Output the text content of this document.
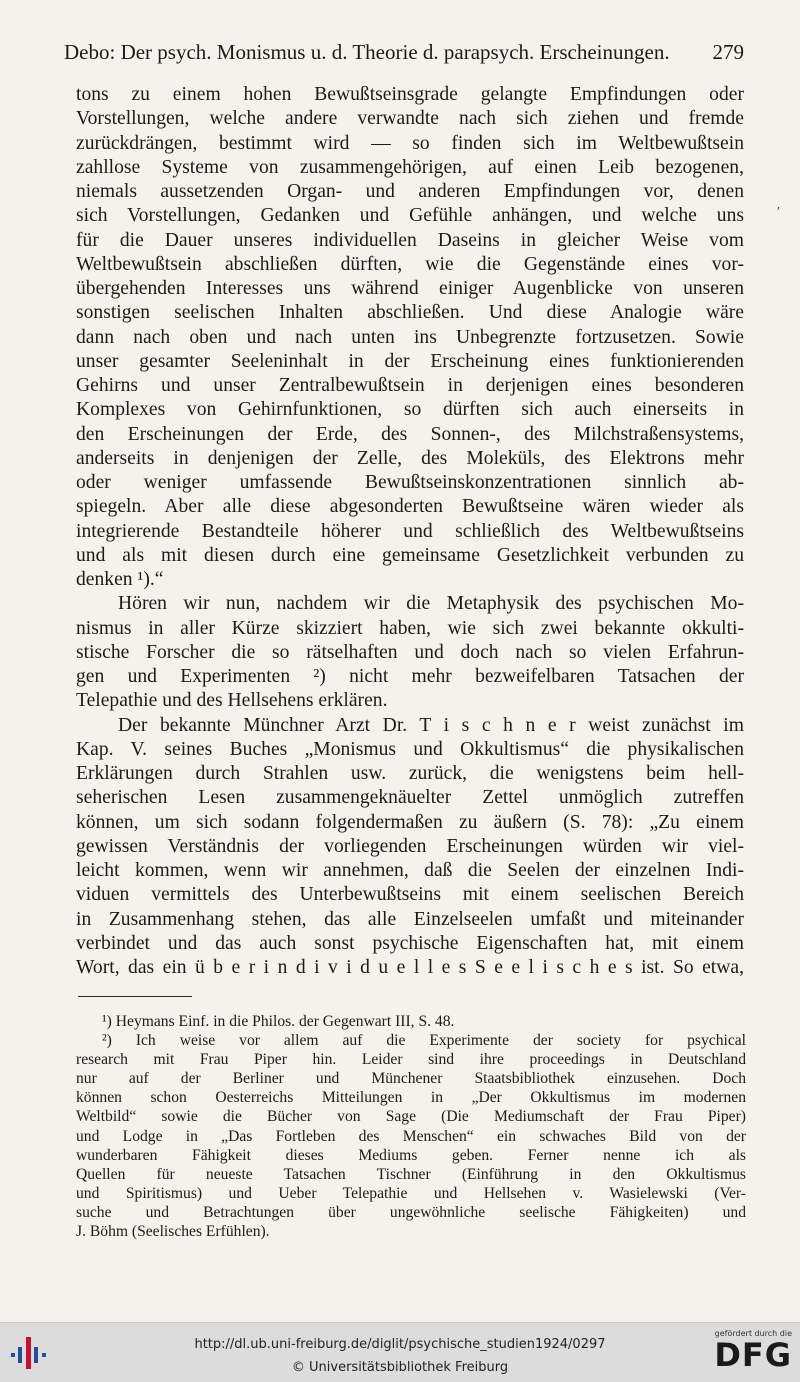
Debo: Der psych. Monismus u. d. Theorie d. parapsych. Erscheinungen. 279
tons zu einem hohen Bewußtseinsgrade gelangte Empfindungen oder
Vorstellungen, welche andere verwandte nach sich ziehen und fremde
zurückdrängen, bestimmt wird — so finden sich im Weltbewußtsein
zahllose Systeme von zusammengehörigen, auf einen Leib bezogenen,
niemals aussetzenden Organ- und anderen Empfindungen vor, denen
sich Vorstellungen, Gedanken und Gefühle anhängen, und welche uns
für die Dauer unseres individuellen Daseins in gleicher Weise vom
Weltbewußtsein abschließen dürften, wie die Gegenstände eines vor-
übergehenden Interesses uns während einiger Augenblicke von unseren
sonstigen seelischen Inhalten abschließen. Und diese Analogie wäre
dann nach oben und nach unten ins Unbegrenzte fortzusetzen. Sowie
unser gesamter Seeleninhalt in der Erscheinung eines funktionierenden
Gehirns und unser Zentralbewußtsein in derjenigen eines besonderen
Komplexes von Gehirnfunktionen, so dürften sich auch einerseits in
den Erscheinungen der Erde, des Sonnen-, des Milchstraßensystems,
anderseits in denjenigen der Zelle, des Moleküls, des Elektrons mehr
oder weniger umfassende Bewußtseinskonzentrationen sinnlich ab-
spiegeln. Aber alle diese abgesonderten Bewußtseine wären wieder als
integrierende Bestandteile höherer und schließlich des Weltbewußtseins
und als mit diesen durch eine gemeinsame Gesetzlichkeit verbunden zu
denken ¹).“
Hören wir nun, nachdem wir die Metaphysik des psychischen Mo-
nismus in aller Kürze skizziert haben, wie sich zwei bekannte okkulti-
stische Forscher die so rätselhaften und doch nach so vielen Erfahrun-
gen und Experimenten ²) nicht mehr bezweifelbaren Tatsachen der
Telepathie und des Hellsehens erklären.
Der bekannte Münchner Arzt Dr. T i s c h n e r weist zunächst im
Kap. V. seines Buches „Monismus und Okkultismus“ die physikalischen
Erklärungen durch Strahlen usw. zurück, die wenigstens beim hell-
seherischen Lesen zusammengeknäuelter Zettel unmöglich zutreffen
können, um sich sodann folgendermaßen zu äußern (S. 78): „Zu einem
gewissen Verständnis der vorliegenden Erscheinungen würden wir viel-
leicht kommen, wenn wir annehmen, daß die Seelen der einzelnen Indi-
viduen vermittels des Unterbewußtseins mit einem seelischen Bereich
in Zusammenhang stehen, das alle Einzelseelen umfaßt und miteinander
verbindet und das auch sonst psychische Eigenschaften hat, mit einem
Wort, das ein ü b e r i n d i v i d u e l l e s S e e l i s c h e s ist. So etwa,
ʼ
¹) Heymans Einf. in die Philos. der Gegenwart III, S. 48.
²) Ich weise vor allem auf die Experimente der society for psychical
research mit Frau Piper hin. Leider sind ihre proceedings in Deutschland
nur auf der Berliner und Münchener Staatsbibliothek einzusehen. Doch
können schon Oesterreichs Mitteilungen in „Der Okkultismus im modernen
Weltbild“ sowie die Bücher von Sage (Die Mediumschaft der Frau Piper)
und Lodge in „Das Fortleben des Menschen“ ein schwaches Bild von der
wunderbaren Fähigkeit dieses Mediums geben. Ferner nenne ich als
Quellen für neueste Tatsachen Tischner (Einführung in den Okkultismus
und Spiritismus) und Ueber Telepathie und Hellsehen v. Wasielewski (Ver-
suche und Betrachtungen über ungewöhnliche seelische Fähigkeiten) und
J. Böhm (Seelisches Erfühlen).
http://dl.ub.uni-freiburg.de/diglit/psychische_studien1924/0297
© Universitätsbibliothek Freiburg
gefördert durch die
DFG
